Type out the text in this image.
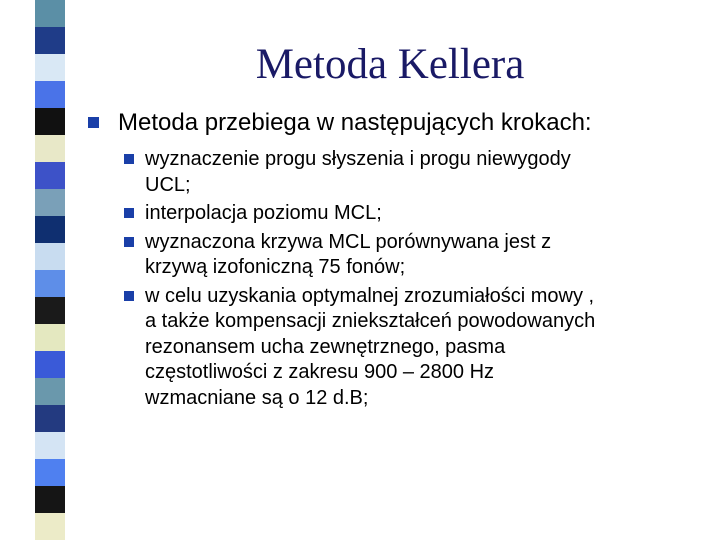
Metoda Kellera
Metoda przebiega w następujących krokach:
wyznaczenie progu słyszenia i progu niewygody
UCL;
interpolacja poziomu MCL;
wyznaczona krzywa MCL porównywana jest z
krzywą izofoniczną 75 fonów;
w celu uzyskania optymalnej zrozumiałości mowy ,
a także kompensacji zniekształceń powodowanych
rezonansem ucha zewnętrznego, pasma
częstotliwości z zakresu 900 – 2800 Hz
wzmacniane są o 12 d.B;
